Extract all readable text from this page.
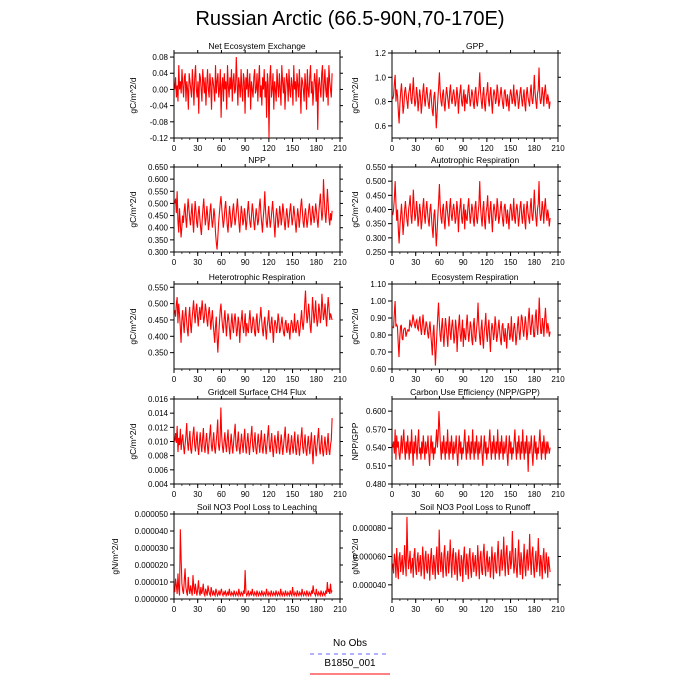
Russian Arctic (66.5-90N,70-170E)
Net Ecosystem Exchange
0 30 60 90 120 150 180 210
0.08
0.04
0.00
-0.04
-0.08
-0.12
gC/m^2/d
GPP
0 30 60 90 120 150 180 210
1.2
1.0
0.8
0.6
gC/m^2/d
NPP
0 30 60 90 120 150 180 210
0.650
0.600
0.550
0.500
0.450
0.400
0.350
0.300
gC/m^2/d
Autotrophic Respiration
0 30 60 90 120 150 180 210
0.550
0.500
0.450
0.400
0.350
0.300
0.250
gC/m^2/d
Heterotrophic Respiration
0 30 60 90 120 150 180 210
0.550
0.500
0.450
0.400
0.350
gC/m^2/d
Ecosystem Respiration
0 30 60 90 120 150 180 210
1.10
1.00
0.90
0.80
0.70
0.60
gC/m^2/d
Gridcell Surface CH4 Flux
0 30 60 90 120 150 180 210
0.016
0.014
0.012
0.010
0.008
0.006
0.004
gC/m^2/d
Carbon Use Efficiency (NPP/GPP)
0 30 60 90 120 150 180 210
0.600
0.570
0.540
0.510
0.480
NPP/GPP
Soil NO3 Pool Loss to Leaching
0 30 60 90 120 150 180 210
0.000050
0.000040
0.000030
0.000020
0.000010
0.000000
gN/m^2/d
Soil NO3 Pool Loss to Runoff
0 30 60 90 120 150 180 210
0.000080
0.000060
0.000040
gN/m^2/d
No Obs
B1850_001
